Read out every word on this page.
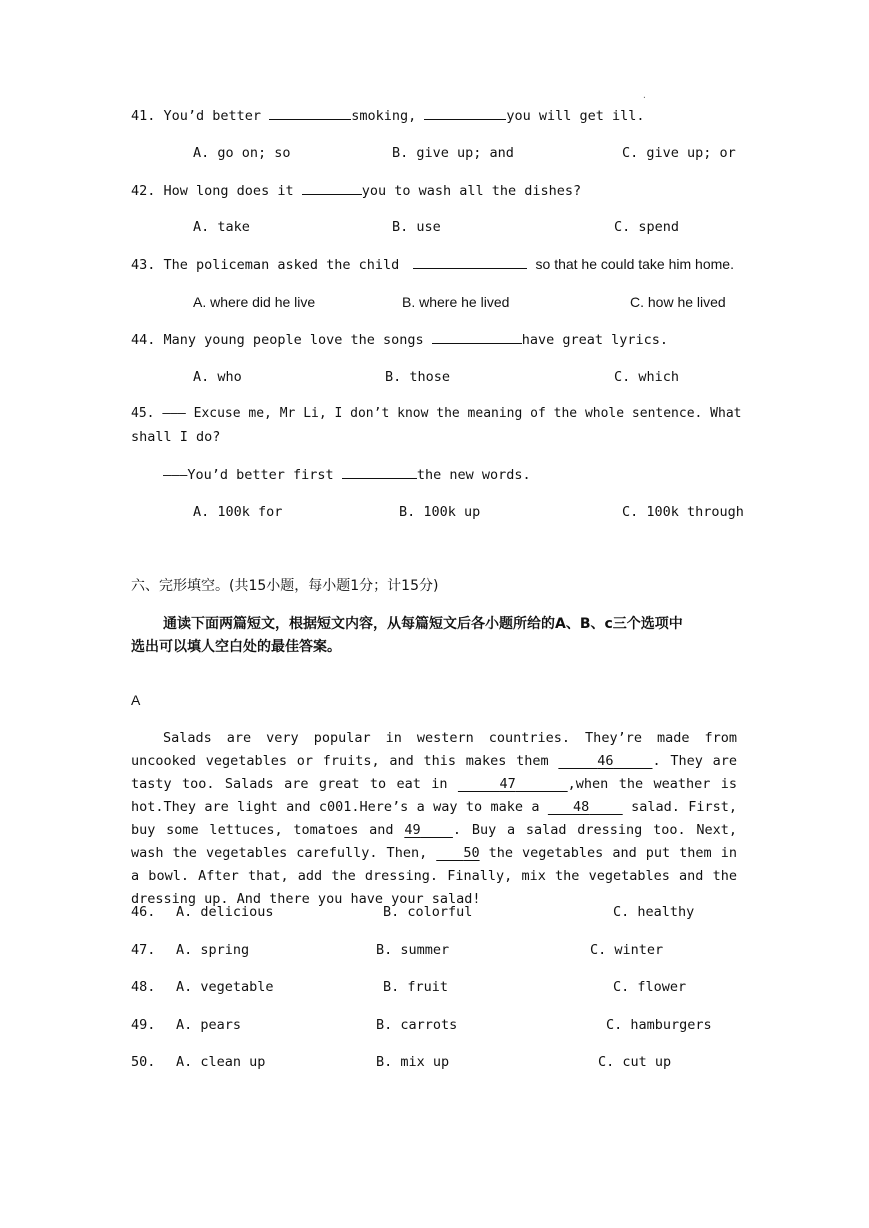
.
41. You’d better	smoking,	you will get ill.
A. go on; so	B. give up; and	C. give up; or
42. How long does it	you to wash all the dishes?
A. take	B. use	C. spend
43. The policeman asked the child	so that he could take him home.
A. where did he live	B. where he lived	C. how he lived
44. Many young people love the songs	have great lyrics.
A. who	B. those	C. which
45. ——— Excuse me, Mr Li, I don’t know the meaning of the whole sentence. What
shall I do?
———You’d better first	the new words.
A. 100k for	B. 100k up	C. 100k through
六、完形填空。(共15小题，每小题1分；计15分)
通读下面两篇短文，根据短文内容，从每篇短文后各小题所给的A、B、c三个选项中
选出可以填人空白处的最佳答案。
A
Salads are very popular in western countries. They’re made from uncooked vegetables or fruits, and this makes them	46	. They are tasty too. Salads are great to eat in	47	,when the weather is hot.They are light and c001.Here’s a way to make a 48	salad. First, buy some lettuces, tomatoes and 49 . Buy a salad dressing too. Next, wash the vegetables carefully. Then,	50 the vegetables and put them in a bowl. After that, add the dressing. Finally, mix the vegetables and the dressing up. And there you have your salad!
46. A. delicious	B. colorful	C. healthy
47. A. spring	B. summer	C. winter
48. A. vegetable	B. fruit	C. flower
49. A. pears	B. carrots	C. hamburgers
50. A. clean up	B. mix up	C. cut up
